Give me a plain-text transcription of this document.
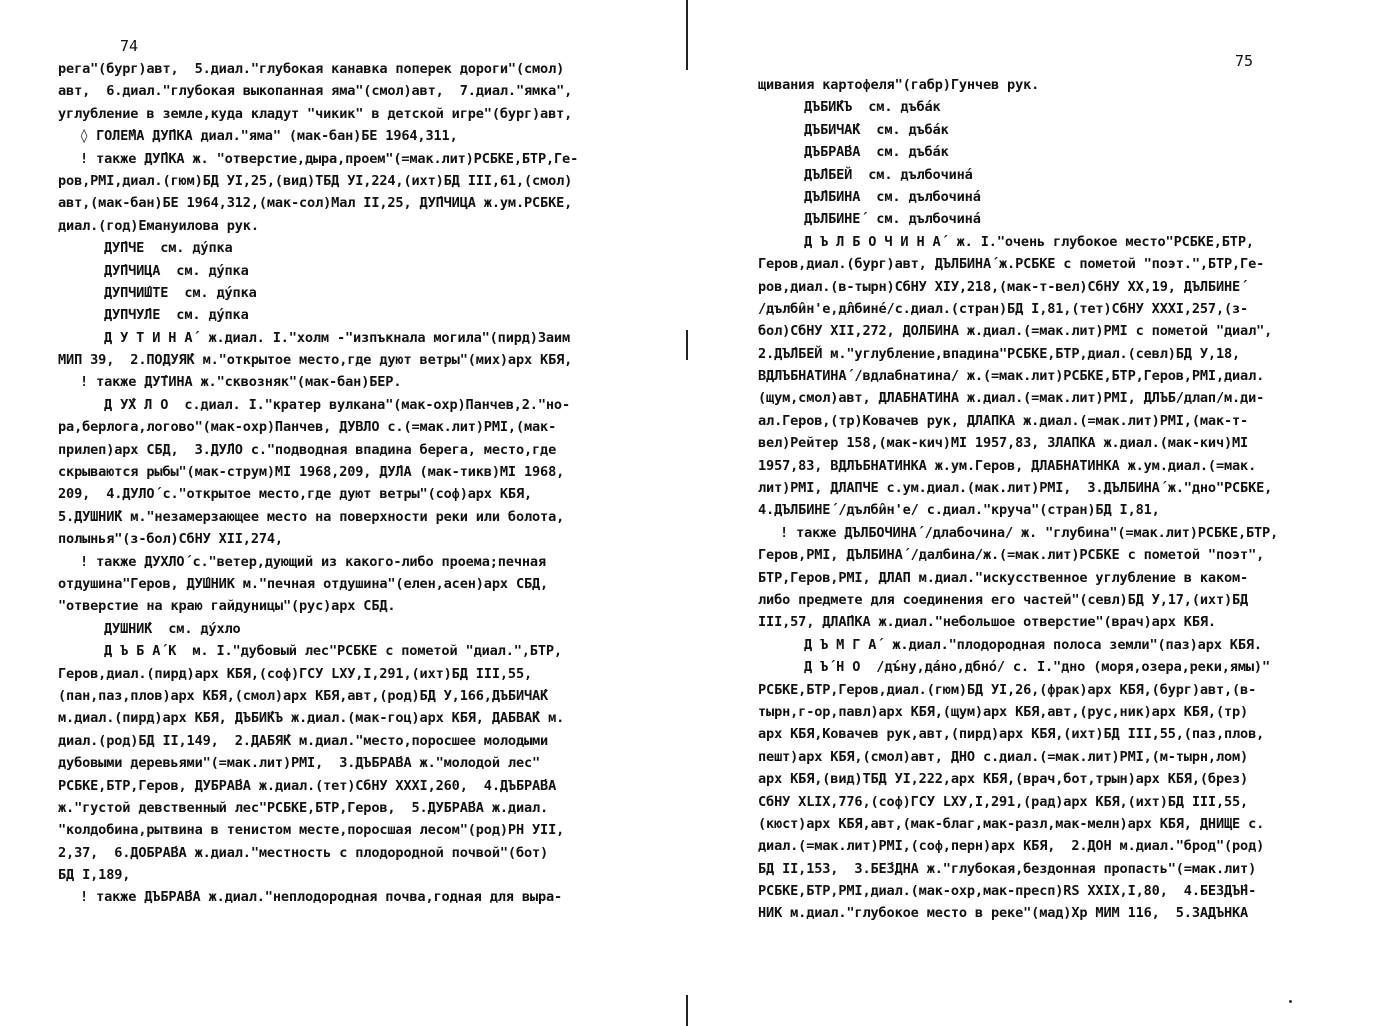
74
рега"(бург)авт,  5.диал."глубокая канавка поперек дороги"(смол)
авт,  6.диал."глубокая выкопанная яма"(смол)авт,  7.диал."ямка",
углубление в земле,куда кладут "чикик" в детской игре"(бург)авт,
◊ ГОЛЕ́МА ДУ́ПКА диал."яма" (мак-бан)БЕ 1964,311,
! также ДУ́ПКА ж. "отверстие,дыра,проем"(=мак.лит)РСБКЕ,БТР,Ге-
ров,РМI,диал.(гюм)БД УI,25,(вид)ТБД УI,224,(ихт)БД III,61,(смол)
авт,(мак-бан)БЕ 1964,312,(мак-сол)Мал II,25, ДУ́ПЧИЦА ж.ум.РСБКЕ,
диал.(год)Емануилова рук.
ДУ́ПЧЕ  см. ду́пка
ДУ́ПЧИЦА  см. ду́пка
ДУПЧИ́ШТЕ  см. ду́пка
ДУПЧУ́ЛЕ  см. ду́пка
Д У Т И Н А́  ж.диал. I."холм -"изпъкнала могила"(пирд)Заим
МИП 39,  2.ПОДУЯ́К м."открытое место,где дуют ветры"(мих)арх КБЯ,
! также ДУ́ТИНА ж."сквозняк"(мак-бан)БЕР.
Д У́Х Л О  с.диал. I."кратер вулкана"(мак-охр)Панчев,2."но-
ра,берлога,логово"(мак-охр)Панчев, ДУВЛО с.(=мак.лит)РМI,(мак-
прилеп)арх СБД,  3.ДУ́ЛО с."подводная впадина берега, место,где
скрываются рыбы"(мак-струм)МI 1968,209, ДУ́ЛА (мак-тикв)МI 1968,
209,  4.ДУЛО́ с."открытое место,где дуют ветры"(соф)арх КБЯ,
5.ДУШНИ́К м."незамерзающее место на поверхности реки или болота,
полынья"(з-бол)СбНУ XII,274,
! также ДУХЛО́ с."ветер,дующий из какого-либо проема;печная
отдушина"Геров, ДУ́ШНИК м."печная отдушина"(елен,асен)арх СБД,
"отверстие на краю гайдуницы"(рус)арх СБД.
ДУШНИ́К  см. ду́хло
Д Ъ Б А́ К  м. I."дубовый лес"РСБКЕ с пометой "диал.",БТР,
Геров,диал.(пирд)арх КБЯ,(соф)ГСУ LXУ,I,291,(ихт)БД III,55,
(пан,паз,плов)арх КБЯ,(смол)арх КБЯ,авт,(род)БД У,166,ДЪБИЧА́К
м.диал.(пирд)арх КБЯ, ДЪБИ́КЪ ж.диал.(мак-гоц)арх КБЯ, ДАБВА́К м.
диал.(род)БД II,149,  2.ДАБЯ́К м.диал."место,поросшее молодыми
дубовыми деревьями"(=мак.лит)РМI,  3.ДЪБРА́ВА ж."молодой лес"
РСБКЕ,БТР,Геров, ДУБРА́ВА ж.диал.(тет)СбНУ XXXI,260,  4.ДЪБРА́ВА
ж."густой девственный лес"РСБКЕ,БТР,Геров,  5.ДУБРА́ВА ж.диал.
"колдобина,рытвина в тенистом месте,поросшая лесом"(род)РН УII,
2,37,  6.ДОБРА́ВА ж.диал."местность с плодородной почвой"(бот)
БД I,189,
! также ДЪБРА́ВА ж.диал."неплодородная почва,годная для выра-
75
щивания картофеля"(габр)Гунчев рук.
ДЪБИ́КЪ  см. дъба́к
ДЪБИЧА́К  см. дъба́к
ДЪБРА́ВА  см. дъба́к
ДЪ́ЛБЕЙ  см. дълбочина́
ДЪ́ЛБИНА  см. дълбочина́
ДЪЛБИНЕ́  см. дълбочина́
Д Ъ Л Б О Ч И Н А́  ж. I."очень глубокое место"РСБКЕ,БТР,
Геров,диал.(бург)авт, ДЪЛБИНА́ ж.РСБКЕ с пометой "поэт.",БТР,Ге-
ров,диал.(в-тырн)СбНУ XIУ,218,(мак-т-вел)СбНУ XX,19, ДЪЛБИНЕ́
/дълби̂н'е,дл̂бине́/с.диал.(стран)БД I,81,(тет)СбНУ XXXI,257,(з-
бол)СбНУ XII,272, ДОЛБИНА ж.диал.(=мак.лит)РМI с пометой "диал",
2.ДЪ́ЛБЕЙ м."углубление,впадина"РСБКЕ,БТР,диал.(севл)БД У,18,
ВДЛЪБНАТИНА́ /вдлабнатина/ ж.(=мак.лит)РСБКЕ,БТР,Геров,РМI,диал.
(щум,смол)авт, ДЛАБНАТИНА ж.диал.(=мак.лит)РМI, ДЛЪБ/длап/м.ди-
ал.Геров,(тр)Ковачев рук, ДЛАПКА ж.диал.(=мак.лит)РМI,(мак-т-
вел)Рейтер 158,(мак-кич)МI 1957,83, ЗЛАПКА ж.диал.(мак-кич)МI
1957,83, ВДЛЪБНАТИНКА ж.ум.Геров, ДЛАБНАТИНКА ж.ум.диал.(=мак.
лит)РМI, ДЛАПЧЕ с.ум.диал.(мак.лит)РМI,  3.ДЪЛБИНА́ ж."дно"РСБКЕ,
4.ДЪЛБИНЕ́ /дълби̂н'е/ с.диал."круча"(стран)БД I,81,
! также ДЪЛБОЧИНА́ /длабочина/ ж. "глубина"(=мак.лит)РСБКЕ,БТР,
Геров,РМI, ДЪЛБИНА́ /далбина/ж.(=мак.лит)РСБКЕ с пометой "поэт",
БТР,Геров,РМI, ДЛАП м.диал."искусственное углубление в каком-
либо предмете для соединения его частей"(севл)БД У,17,(ихт)БД
III,57, ДЛА́ПКА ж.диал."небольшое отверстие"(врач)арх КБЯ.
Д Ъ М Г А́  ж.диал."плодородная полоса земли"(паз)арх КБЯ.
Д Ъ́ Н О  /дъ́ну,да́но,дбно́/ с. I."дно (моря,озера,реки,ямы)"
РСБКЕ,БТР,Геров,диал.(гюм)БД УI,26,(фрак)арх КБЯ,(бург)авт,(в-
тырн,г-ор,павл)арх КБЯ,(щум)арх КБЯ,авт,(рус,ник)арх КБЯ,(тр)
арх КБЯ,Ковачев рук,авт,(пирд)арх КБЯ,(ихт)БД III,55,(паз,плов,
пешт)арх КБЯ,(смол)авт, ДНО с.диал.(=мак.лит)РМI,(м-тырн,лом)
арх КБЯ,(вид)ТБД УI,222,арх КБЯ,(врач,бот,трын)арх КБЯ,(брез)
СбНУ XLIX,776,(соф)ГСУ LXУ,I,291,(рад)арх КБЯ,(ихт)БД III,55,
(кюст)арх КБЯ,авт,(мак-благ,мак-разл,мак-мелн)арх КБЯ, ДНИЩЕ с.
диал.(=мак.лит)РМI,(соф,перн)арх КБЯ,  2.ДОН м.диал."брод"(род)
БД II,153,  3.БЕ́ЗДНА ж."глубокая,бездонная пропасть"(=мак.лит)
РСБКЕ,БТР,РМI,диал.(мак-охр,мак-пресп)RS XXIX,I,80,  4.БЕЗДЪ́Н-
НИК м.диал."глубокое место в реке"(мад)Хр МИМ 116,  5.ЗАДЪНКА
